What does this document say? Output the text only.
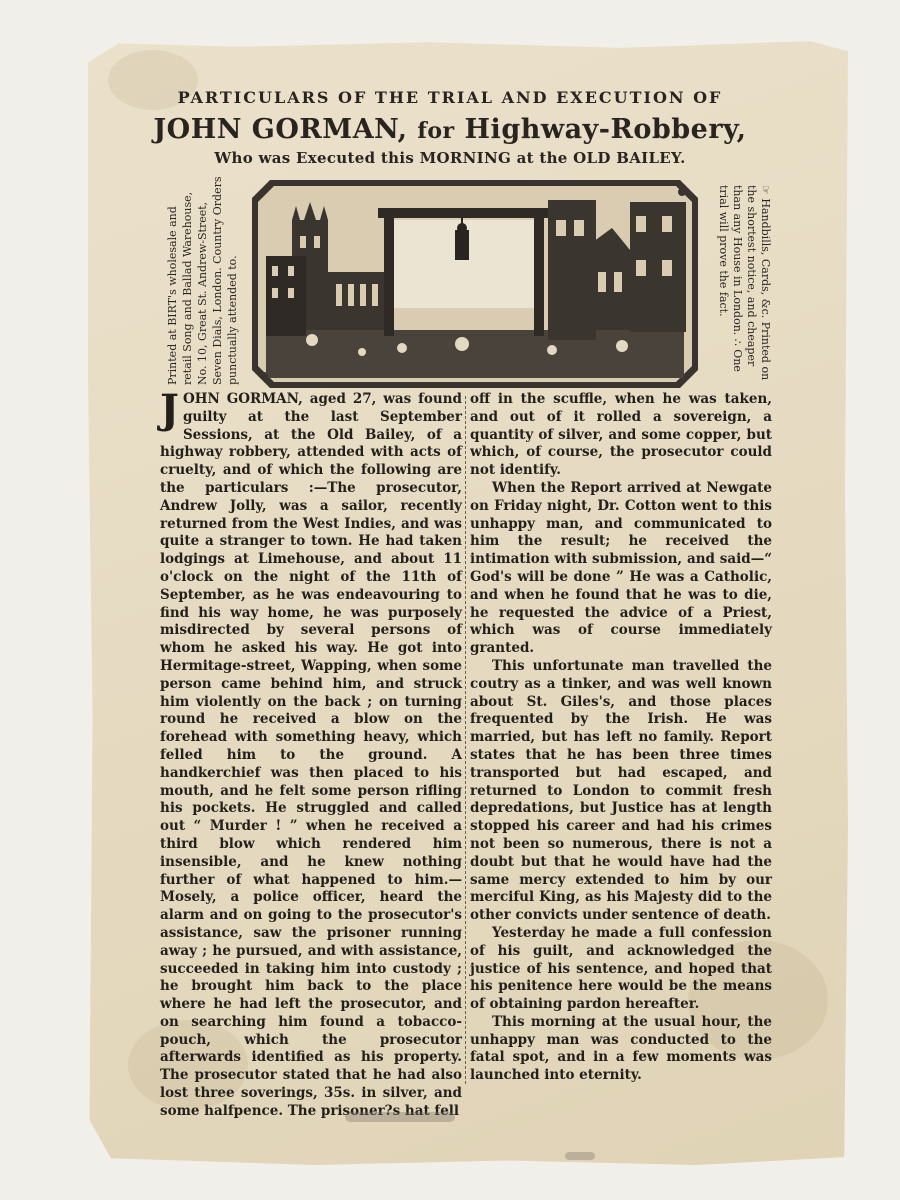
PARTICULARS OF THE TRIAL AND EXECUTION OF
JOHN GORMAN, for Highway-Robbery,
Who was Executed this MORNING at the OLD BAILEY.
Printed at BIRT's wholesale and retail Song and Ballad Warehouse, No. 10, Great St. Andrew-Street, Seven Dials, London. Country Orders punctually attended to.	☞ Handbills, Cards, &c. Printed on the shortest notice, and cheaper than any House in London. ∴ One trial will prove the fact.

JOHN GORMAN, aged 27, was found guilty at the last September Sessions, at the Old Bailey, of a highway robbery, attended with acts of cruelty, and of which the following are the particulars :—The prosecutor, Andrew Jolly, was a sailor, recently returned from the West Indies, and was quite a stranger to town. He had taken lodgings at Limehouse, and about 11 o'clock on the night of the 11th of September, as he was endeavouring to find his way home, he was purposely misdirected by several persons of whom he asked his way. He got into Hermitage-street, Wapping, when some person came behind him, and struck him violently on the back ; on turning round he received a blow on the forehead with something heavy, which felled him to the ground. A handkerchief was then placed to his mouth, and he felt some person rifling his pockets. He struggled and called out “ Murder ! ” when he received a third blow which rendered him insensible, and he knew nothing further of what happened to him.—Mosely, a police officer, heard the alarm and on going to the prosecutor's assistance, saw the prisoner running away ; he pursued, and with assistance, succeeded in taking him into custody ; he brought him back to the place where he had left the prosecutor, and on searching him found a tobacco-pouch, which the prosecutor afterwards identified as his property. The prosecutor stated that he had also lost three soverings, 35s. in silver, and some halfpence. The prisoner?s hat fell

off in the scuffle, when he was taken, and out of it rolled a sovereign, a quantity of silver, and some copper, but which, of course, the prosecutor could not identify.

When the Report arrived at Newgate on Friday night, Dr. Cotton went to this unhappy man, and communicated to him the result; he received the intimation with submission, and said—“ God's will be done ” He was a Catholic, and when he found that he was to die, he requested the advice of a Priest, which was of course immediately granted.

This unfortunate man travelled the coutry as a tinker, and was well known about St. Giles's, and those places frequented by the Irish. He was married, but has left no family. Report states that he has been three times transported but had escaped, and returned to London to commit fresh depredations, but Justice has at length stopped his career and had his crimes not been so numerous, there is not a doubt but that he would have had the same mercy extended to him by our merciful King, as his Majesty did to the other convicts under sentence of death.

Yesterday he made a full confession of his guilt, and acknowledged the justice of his sentence, and hoped that his penitence here would be the means of obtaining pardon hereafter.

This morning at the usual hour, the unhappy man was conducted to the fatal spot, and in a few moments was launched into eternity.
